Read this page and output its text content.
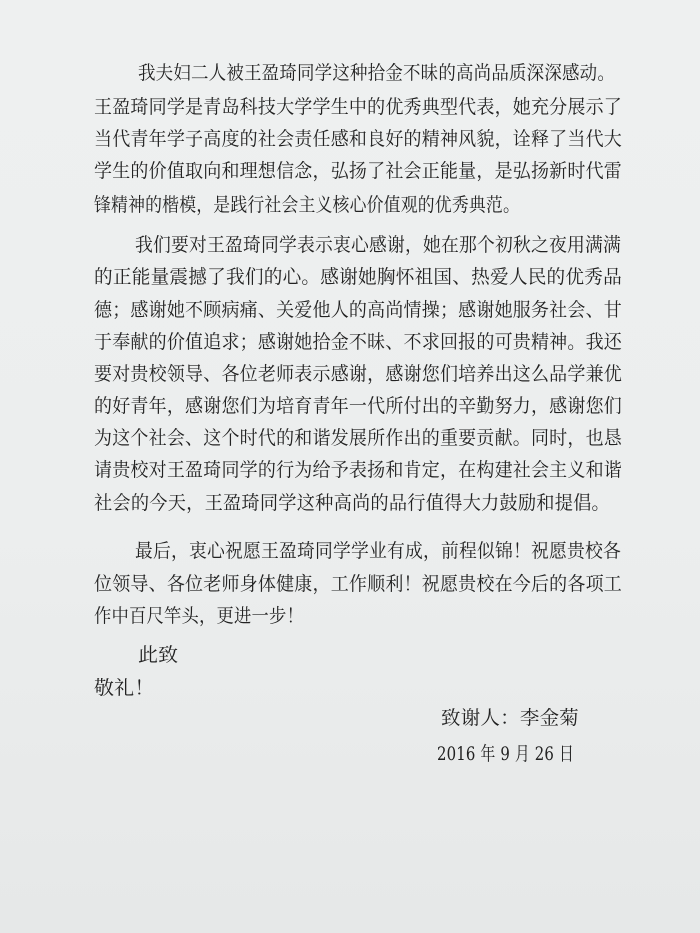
我夫妇二人被王盈琦同学这种拾金不昧的高尚品质深深感动。
王盈琦同学是青岛科技大学学生中的优秀典型代表，她充分展示了
当代青年学子高度的社会责任感和良好的精神风貌，诠释了当代大
学生的价值取向和理想信念，弘扬了社会正能量，是弘扬新时代雷
锋精神的楷模，是践行社会主义核心价值观的优秀典范。
我们要对王盈琦同学表示衷心感谢，她在那个初秋之夜用满满
的正能量震撼了我们的心。感谢她胸怀祖国、热爱人民的优秀品
德；感谢她不顾病痛、关爱他人的高尚情操；感谢她服务社会、甘
于奉献的价值追求；感谢她拾金不昧、不求回报的可贵精神。我还
要对贵校领导、各位老师表示感谢，感谢您们培养出这么品学兼优
的好青年，感谢您们为培育青年一代所付出的辛勤努力，感谢您们
为这个社会、这个时代的和谐发展所作出的重要贡献。同时，也恳
请贵校对王盈琦同学的行为给予表扬和肯定，在构建社会主义和谐
社会的今天，王盈琦同学这种高尚的品行值得大力鼓励和提倡。
最后，衷心祝愿王盈琦同学学业有成，前程似锦！祝愿贵校各
位领导、各位老师身体健康，工作顺利！祝愿贵校在今后的各项工
作中百尺竿头，更进一步！
此致
敬礼！
致谢人：李金菊
2016 年 9 月 26 日
